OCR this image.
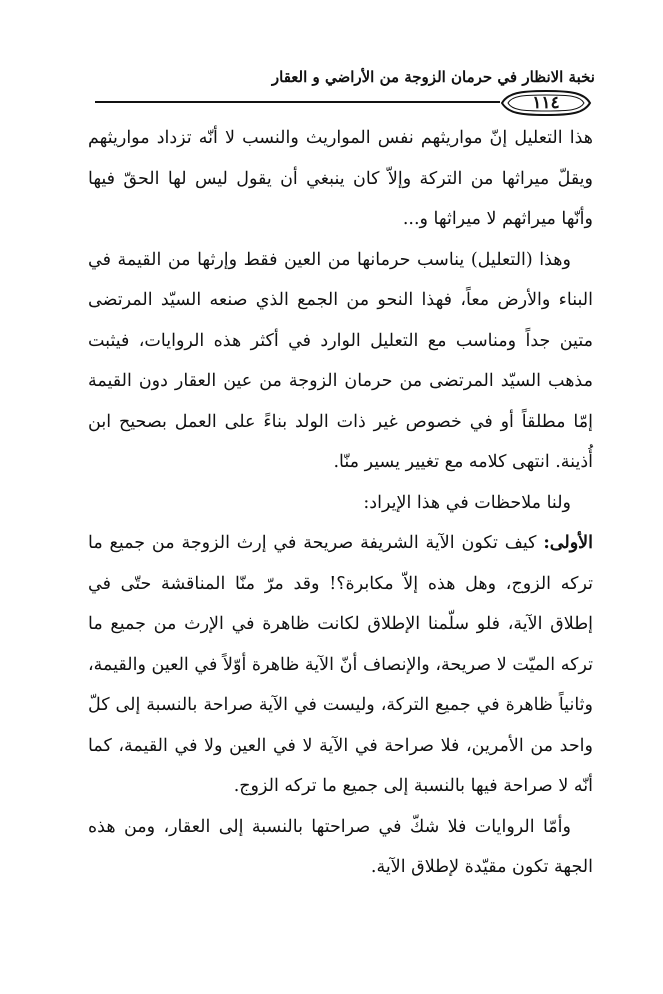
نخبة الانظار في حرمان الزوجة من الأراضي و العقار
١١٤

هذا التعليل إنّ مواريثهم نفس المواريث والنسب لا أنّه تزداد مواريثهم ويقلّ ميراثها من التركة وإلاّ كان ينبغي أن يقول ليس لها الحقّ فيها وأنّها ميراثهم لا ميراثها و...

وهذا (التعليل) يناسب حرمانها من العين فقط وإرثها من القيمة في البناء والأرض معاً، فهذا النحو من الجمع الذي صنعه السيّد المرتضى متين جداً ومناسب مع التعليل الوارد في أكثر هذه الروايات، فيثبت مذهب السيّد المرتضى من حرمان الزوجة من عين العقار دون القيمة إمّا مطلقاً أو في خصوص غير ذات الولد بناءً على العمل بصحيح ابن أُذينة. انتهى كلامه مع تغيير يسير منّا.

ولنا ملاحظات في هذا الإيراد:

الأولى: كيف تكون الآية الشريفة صريحة في إرث الزوجة من جميع ما تركه الزوج، وهل هذه إلاّ مكابرة؟! وقد مرّ منّا المناقشة حتّى في إطلاق الآية، فلو سلّمنا الإطلاق لكانت ظاهرة في الإرث من جميع ما تركه الميّت لا صريحة، والإنصاف أنّ الآية ظاهرة أوّلاً في العين والقيمة، وثانياً ظاهرة في جميع التركة، وليست في الآية صراحة بالنسبة إلى كلّ واحد من الأمرين، فلا صراحة في الآية لا في العين ولا في القيمة، كما أنّه لا صراحة فيها بالنسبة إلى جميع ما تركه الزوج.

وأمّا الروايات فلا شكّ في صراحتها بالنسبة إلى العقار، ومن هذه الجهة تكون مقيّدة لإطلاق الآية.
